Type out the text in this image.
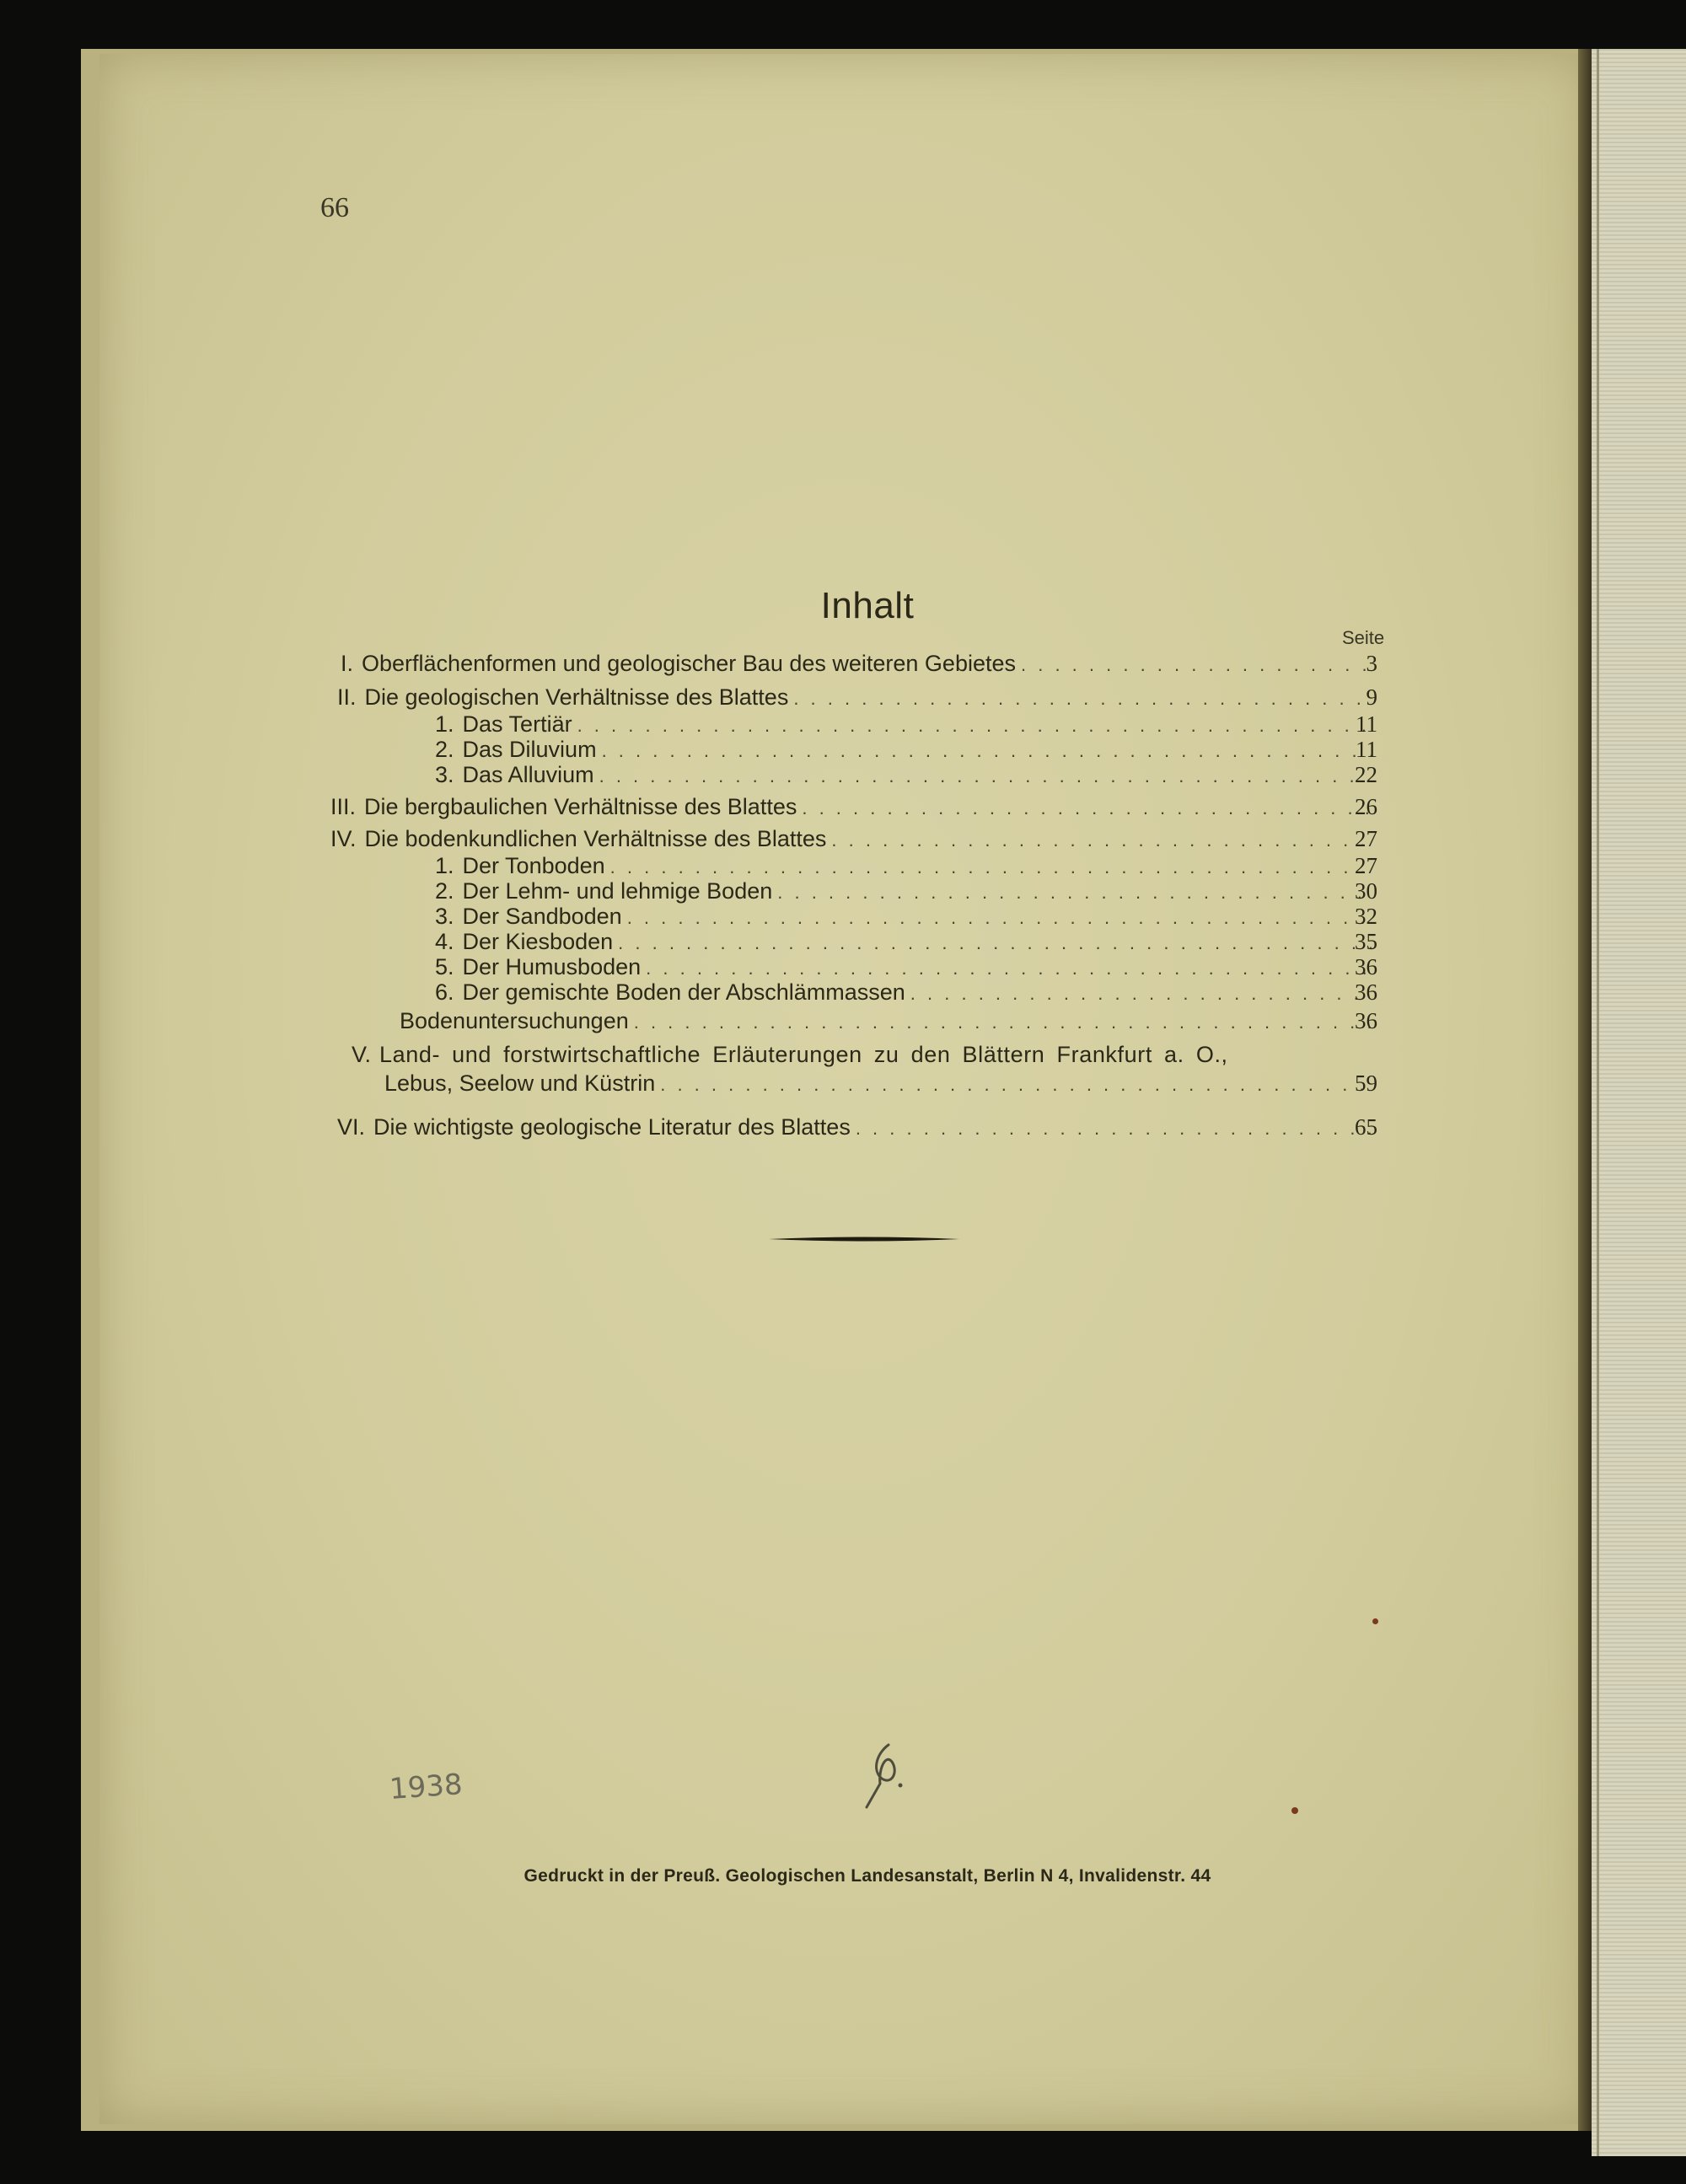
66
Inhalt
Seite
I. Oberflächenformen und geologischer Bau des weiteren Gebietes . . .	3
II. Die geologischen Verhältnisse des Blattes . . .	9
1. Das Tertiär . . .	11
2. Das Diluvium . . .	11
3. Das Alluvium . . .	22
III. Die bergbaulichen Verhältnisse des Blattes . . .	26
IV. Die bodenkundlichen Verhältnisse des Blattes . . .	27
1. Der Tonboden . . .	27
2. Der Lehm- und lehmige Boden . . .	30
3. Der Sandboden . . .	32
4. Der Kiesboden . . .	35
5. Der Humusboden . . .	36
6. Der gemischte Boden der Abschlämmassen . . .	36
Bodenuntersuchungen . . .	36
V. Land- und forstwirtschaftliche Erläuterungen zu den Blättern Frankfurt a. O.,
Lebus, Seelow und Küstrin . . .	59
VI. Die wichtigste geologische Literatur des Blattes . . .	65
1938
Gedruckt in der Preuß. Geologischen Landesanstalt, Berlin N 4, Invalidenstr. 44
